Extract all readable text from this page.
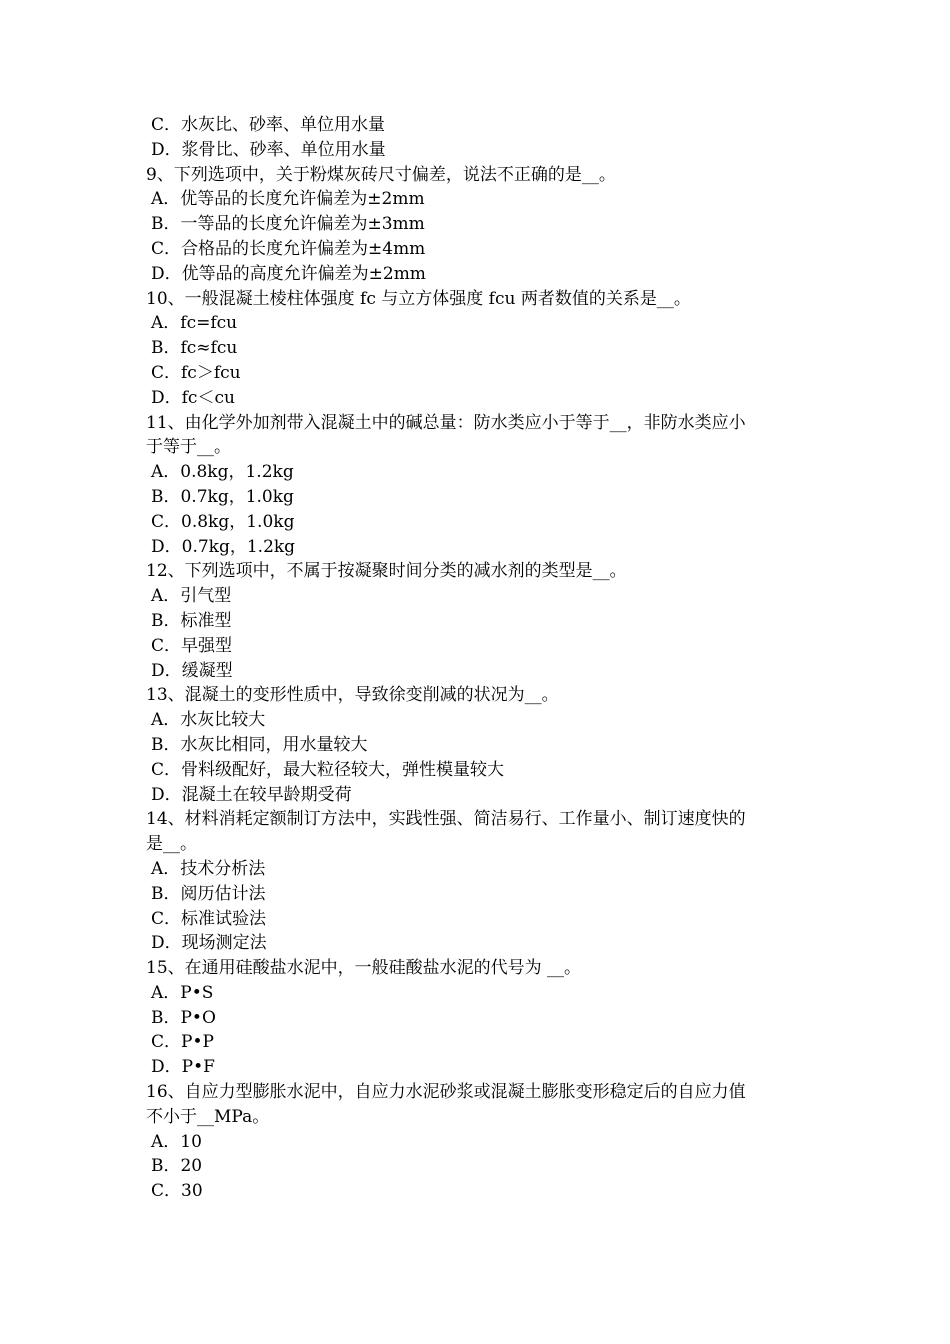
C．水灰比、砂率、单位用水量
D．浆骨比、砂率、单位用水量
9、下列选项中，关于粉煤灰砖尺寸偏差，说法不正确的是__。
A．优等品的长度允许偏差为±2mm
B．一等品的长度允许偏差为±3mm
C．合格品的长度允许偏差为±4mm
D．优等品的高度允许偏差为±2mm
10、一般混凝土棱柱体强度 fc 与立方体强度 fcu 两者数值的关系是__。
A．fc=fcu
B．fc≈fcu
C．fc＞fcu
D．fc＜cu
11、由化学外加剂带入混凝土中的碱总量：防水类应小于等于__，非防水类应小
于等于__。
A．0.8kg，1.2kg
B．0.7kg，1.0kg
C．0.8kg，1.0kg
D．0.7kg，1.2kg
12、下列选项中，不属于按凝聚时间分类的减水剂的类型是__。
A．引气型
B．标准型
C．早强型
D．缓凝型
13、混凝土的变形性质中，导致徐变削减的状况为__。
A．水灰比较大
B．水灰比相同，用水量较大
C．骨料级配好，最大粒径较大，弹性模量较大
D．混凝土在较早龄期受荷
14、材料消耗定额制订方法中，实践性强、简洁易行、工作量小、制订速度快的
是__。
A．技术分析法
B．阅历估计法
C．标准试验法
D．现场测定法
15、在通用硅酸盐水泥中，一般硅酸盐水泥的代号为 __。
A．P•S
B．P•O
C．P•P
D．P•F
16、自应力型膨胀水泥中，自应力水泥砂浆或混凝土膨胀变形稳定后的自应力值
不小于__MPa。
A．10
B．20
C．30
